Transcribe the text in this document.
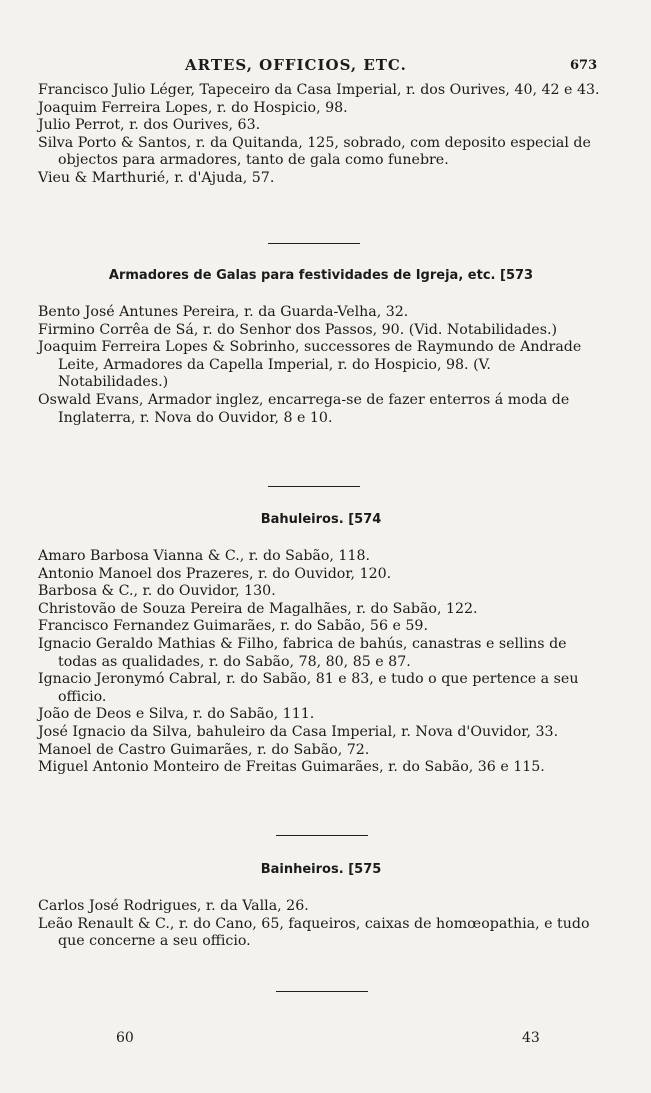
ARTES, OFFICIOS, ETC.	673
Francisco Julio Léger, Tapeceiro da Casa Imperial, r. dos Ourives, 40, 42 e 43.
Joaquim Ferreira Lopes, r. do Hospicio, 98.
Julio Perrot, r. dos Ourives, 63.
Silva Porto & Santos, r. da Quitanda, 125, sobrado, com deposito especial de objectos para armadores, tanto de gala como funebre.
Vieu & Marthurié, r. d'Ajuda, 57.
Armadores de Galas para festividades de Igreja, etc. [573
Bento José Antunes Pereira, r. da Guarda-Velha, 32.
Firmino Corrêa de Sá, r. do Senhor dos Passos, 90. (Vid. Notabilidades.)
Joaquim Ferreira Lopes & Sobrinho, successores de Raymundo de Andrade Leite, Armadores da Capella Imperial, r. do Hospicio, 98. (V. Notabilidades.)
Oswald Evans, Armador inglez, encarrega-se de fazer enterros á moda de Inglaterra, r. Nova do Ouvidor, 8 e 10.
Bahuleiros. [574
Amaro Barbosa Vianna & C., r. do Sabão, 118.
Antonio Manoel dos Prazeres, r. do Ouvidor, 120.
Barbosa & C., r. do Ouvidor, 130.
Christovão de Souza Pereira de Magalhães, r. do Sabão, 122.
Francisco Fernandez Guimarães, r. do Sabão, 56 e 59.
Ignacio Geraldo Mathias & Filho, fabrica de bahús, canastras e sellins de todas as qualidades, r. do Sabão, 78, 80, 85 e 87.
Ignacio Jeronymó Cabral, r. do Sabão, 81 e 83, e tudo o que pertence a seu officio.
João de Deos e Silva, r. do Sabão, 111.
José Ignacio da Silva, bahuleiro da Casa Imperial, r. Nova d'Ouvidor, 33.
Manoel de Castro Guimarães, r. do Sabão, 72.
Miguel Antonio Monteiro de Freitas Guimarães, r. do Sabão, 36 e 115.
Bainheiros. [575
Carlos José Rodrigues, r. da Valla, 26.
Leão Renault & C., r. do Cano, 65, faqueiros, caixas de homœopathia, e tudo que concerne a seu officio.
60	43
